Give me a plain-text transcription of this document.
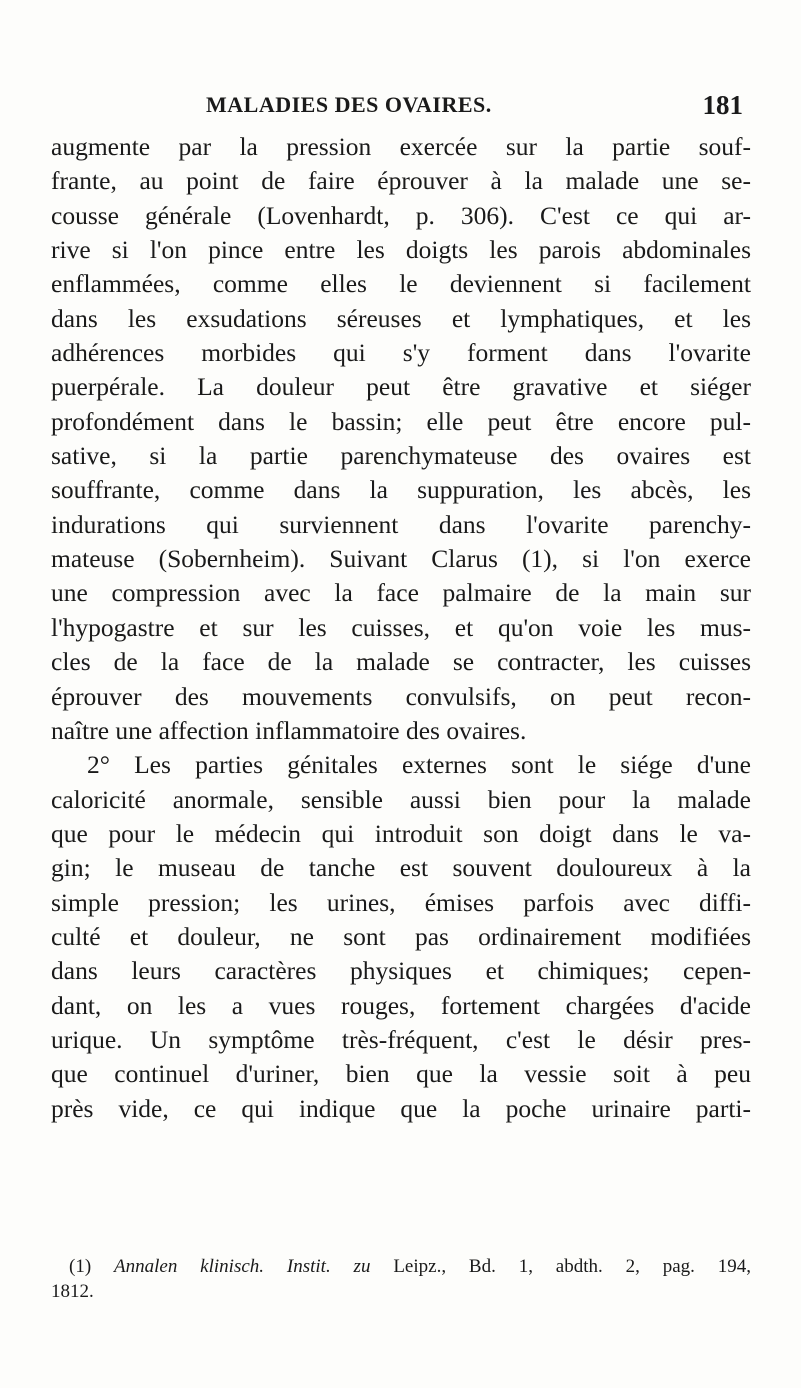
MALADIES DES OVAIRES.	181
augmente par la pression exercée sur la partie souf-
frante, au point de faire éprouver à la malade une se-
cousse générale (Lovenhardt, p. 306). C'est ce qui ar-
rive si l'on pince entre les doigts les parois abdominales
enflammées, comme elles le deviennent si facilement
dans les exsudations séreuses et lymphatiques, et les
adhérences morbides qui s'y forment dans l'ovarite
puerpérale. La douleur peut être gravative et siéger
profondément dans le bassin; elle peut être encore pul-
sative, si la partie parenchymateuse des ovaires est
souffrante, comme dans la suppuration, les abcès, les
indurations qui surviennent dans l'ovarite parenchy-
mateuse (Sobernheim). Suivant Clarus (1), si l'on exerce
une compression avec la face palmaire de la main sur
l'hypogastre et sur les cuisses, et qu'on voie les mus-
cles de la face de la malade se contracter, les cuisses
éprouver des mouvements convulsifs, on peut recon-
naître une affection inflammatoire des ovaires.
2° Les parties génitales externes sont le siége d'une
caloricité anormale, sensible aussi bien pour la malade
que pour le médecin qui introduit son doigt dans le va-
gin; le museau de tanche est souvent douloureux à la
simple pression; les urines, émises parfois avec diffi-
culté et douleur, ne sont pas ordinairement modifiées
dans leurs caractères physiques et chimiques; cepen-
dant, on les a vues rouges, fortement chargées d'acide
urique. Un symptôme très-fréquent, c'est le désir pres-
que continuel d'uriner, bien que la vessie soit à peu
près vide, ce qui indique que la poche urinaire parti-
(1) Annalen klinisch. Instit. zu Leipz., Bd. 1, abdth. 2, pag. 194,
1812.
